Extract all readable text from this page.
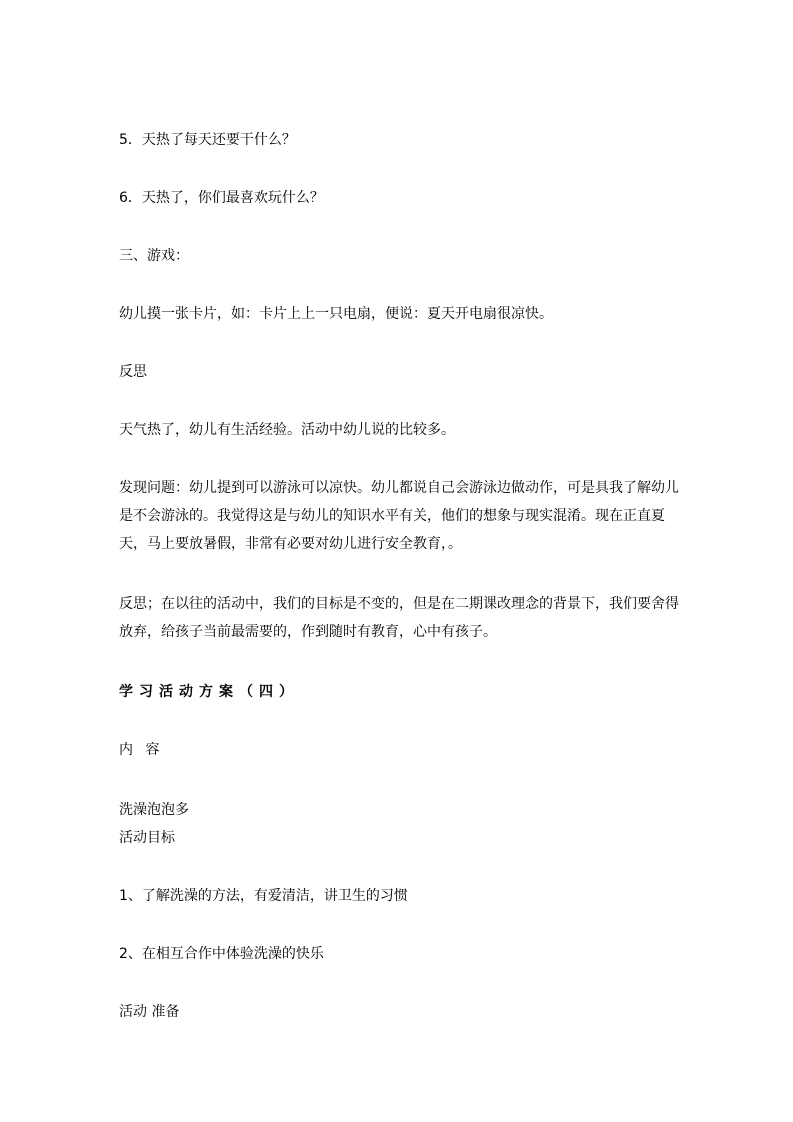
5．天热了每天还要干什么？
6．天热了，你们最喜欢玩什么？
三、游戏：
幼儿摸一张卡片，如：卡片上上一只电扇，便说：夏天开电扇很凉快。
反思
天气热了，幼儿有生活经验。活动中幼儿说的比较多。
发现问题：幼儿提到可以游泳可以凉快。幼儿都说自己会游泳边做动作，可是具我了解幼儿是不会游泳的。我觉得这是与幼儿的知识水平有关，他们的想象与现实混淆。现在正直夏天，马上要放暑假，非常有必要对幼儿进行安全教育，。
反思；在以往的活动中，我们的目标是不变的，但是在二期课改理念的背景下，我们要舍得放弃，给孩子当前最需要的，作到随时有教育，心中有孩子。
学习活动方案（四）
内 容
洗澡泡泡多
活动目标
1、了解洗澡的方法，有爱清洁，讲卫生的习惯
2、在相互合作中体验洗澡的快乐
活动 准备
